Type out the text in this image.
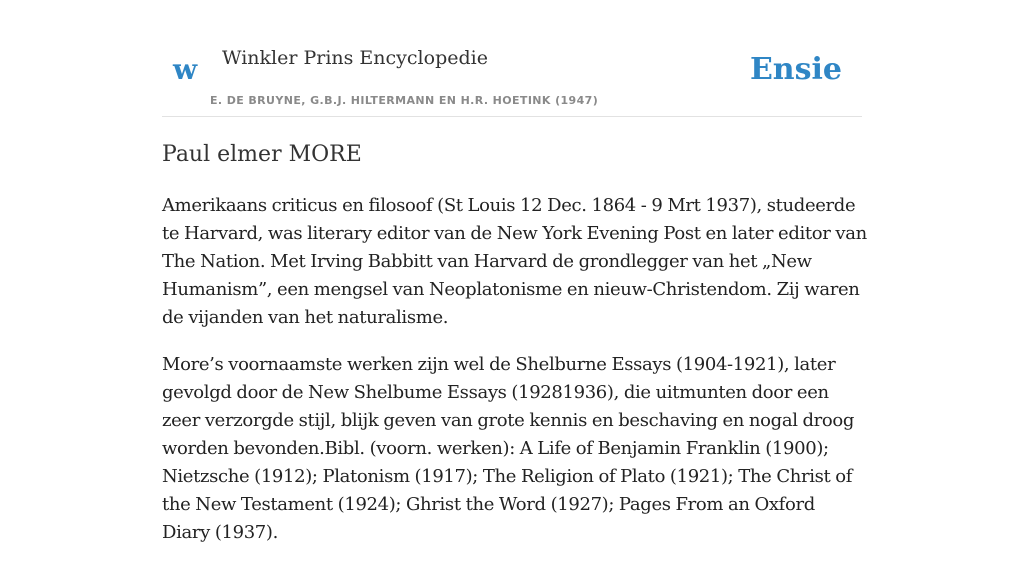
w Winkler Prins Encyclopedie
E. DE BRUYNE, G.B.J. HILTERMANN EN H.R. HOETINK (1947)
Ensie
Paul elmer MORE

Amerikaans criticus en filosoof (St Louis 12 Dec. 1864 - 9 Mrt 1937), studeerde te Harvard, was literary editor van de New York Evening Post en later editor van The Nation. Met Irving Babbitt van Harvard de grondlegger van het „New Humanism”, een mengsel van Neoplatonisme en nieuw-Christendom. Zij waren de vijanden van het naturalisme.

More’s voornaamste werken zijn wel de Shelburne Essays (1904-1921), later gevolgd door de New Shelbume Essays (19281936), die uitmunten door een zeer verzorgde stijl, blijk geven van grote kennis en beschaving en nogal droog worden bevonden.Bibl. (voorn. werken): A Life of Benjamin Franklin (1900); Nietzsche (1912); Platonism (1917); The Religion of Plato (1921); The Christ of the New Testament (1924); Ghrist the Word (1927); Pages From an Oxford Diary (1937).
